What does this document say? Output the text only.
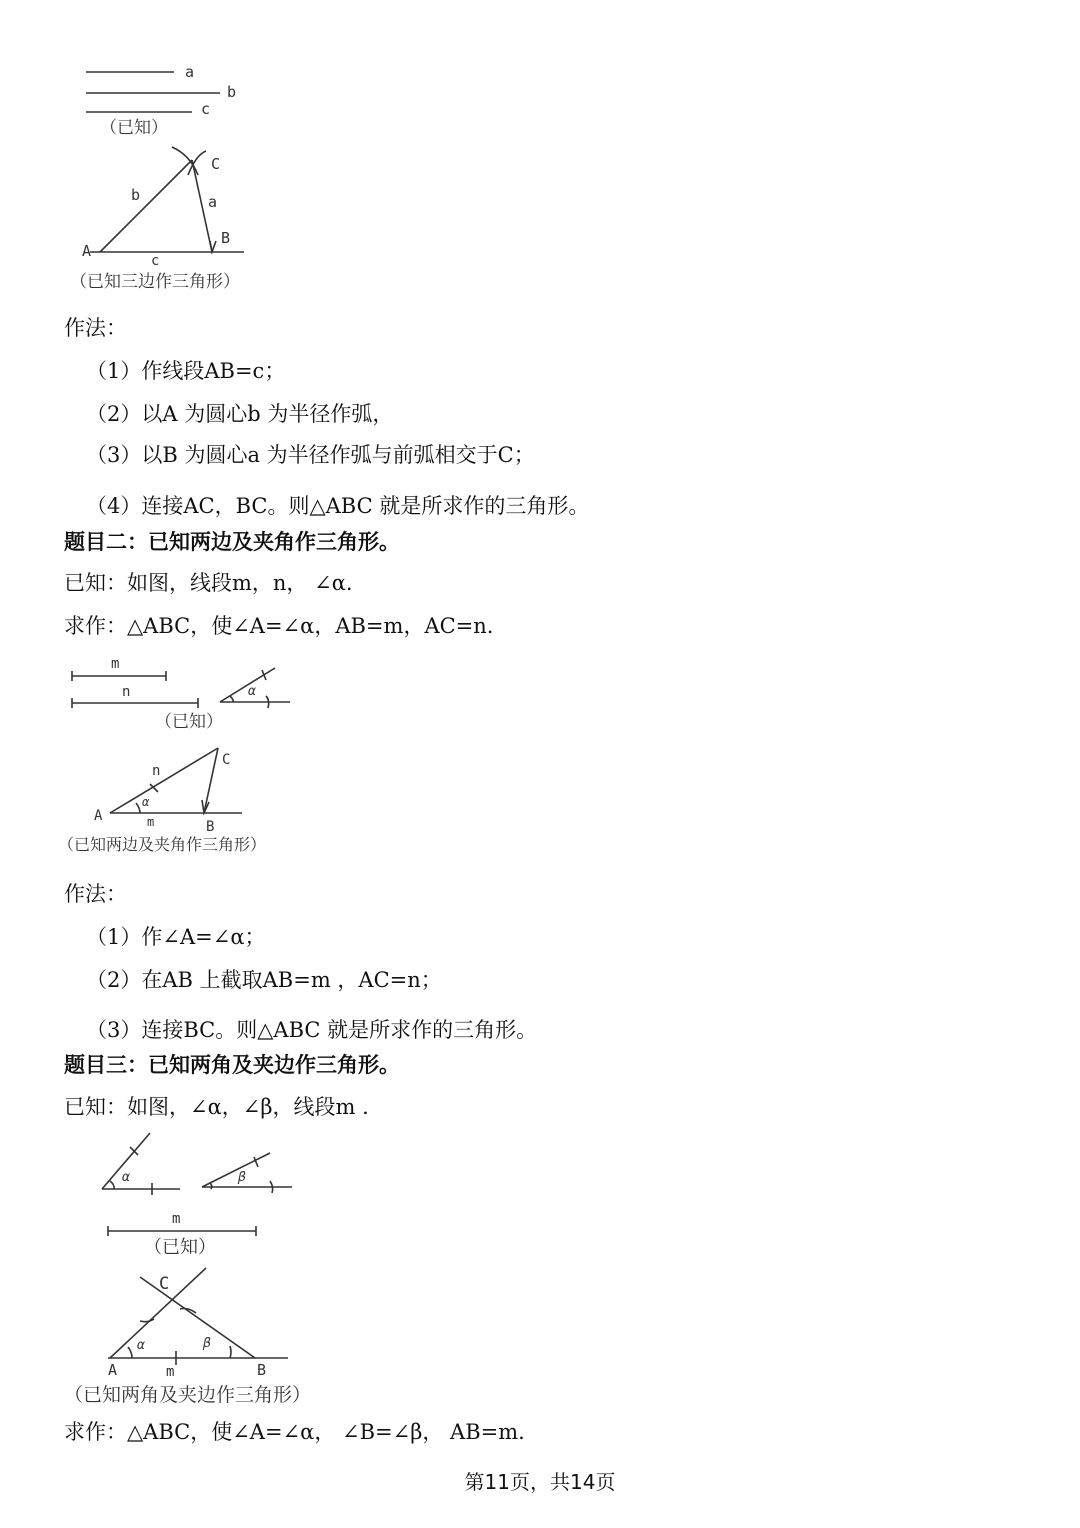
a
b
c
（已知）
A
B
C
b	a
c
（已知三边作三角形）
作法：
（1）作线段AB=c；
（2）以A 为圆心b 为半径作弧，
（3）以B 为圆心a 为半径作弧与前弧相交于C；
（4）连接AC，BC。则△ABC 就是所求作的三角形。
题目二：已知两边及夹角作三角形。
已知：如图，线段m，n， ∠α.
求作：△ABC，使∠A=∠α，AB=m，AC=n.
m
n	α
（已知）
A
B
C
n
α
m
（已知两边及夹角作三角形）
作法：
（1）作∠A=∠α；
（2）在AB 上截取AB=m ，AC=n；
（3）连接BC。则△ABC 就是所求作的三角形。
题目三：已知两角及夹边作三角形。
已知：如图，∠α，∠β，线段m .
α	β
m
（已知）
C
A	B
α	β
m
（已知两角及夹边作三角形）
求作：△ABC，使∠A=∠α， ∠B=∠β， AB=m.
第11页，共14页
